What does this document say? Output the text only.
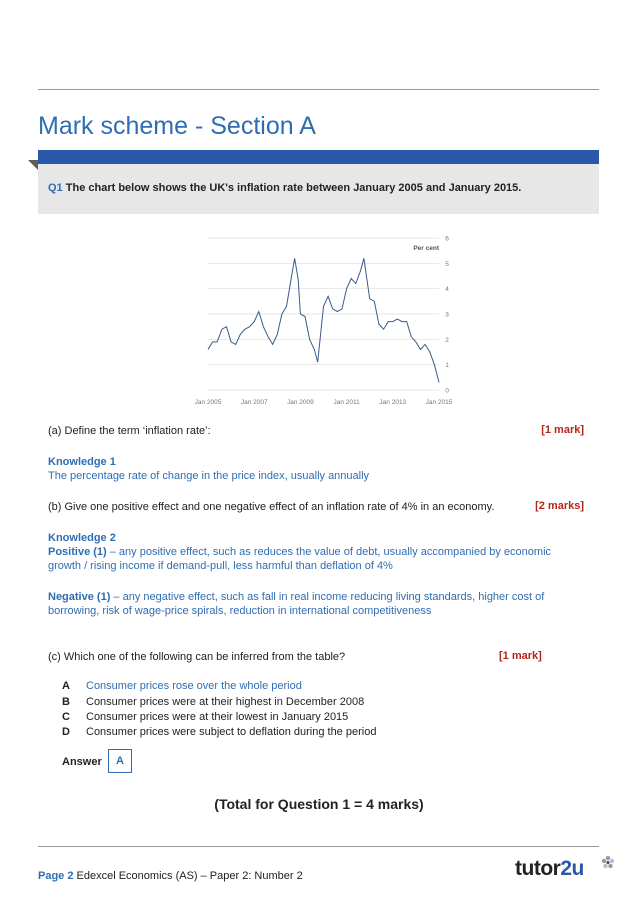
Mark scheme - Section A
Q1 The chart below shows the UK's inflation rate between January 2005 and January 2015.
0
1
2
3
4
5
6
Jan 2005	Jan 2007	Jan 2009	Jan 2011	Jan 2013	Jan 2015
Per cent
(a) Define the term ‘inflation rate’:	[1 mark]
Knowledge 1
The percentage rate of change in the price index, usually annually
(b) Give one positive effect and one negative effect of an inflation rate of 4% in an economy.	[2 marks]
Knowledge 2
Positive (1) – any positive effect, such as reduces the value of debt, usually accompanied by economic
growth / rising income if demand-pull, less harmful than deflation of 4%
Negative (1) – any negative effect, such as fall in real income reducing living standards, higher cost of
borrowing, risk of wage-price spirals, reduction in international competitiveness
(c) Which one of the following can be inferred from the table?	[1 mark]
A Consumer prices rose over the whole period
B Consumer prices were at their highest in December 2008
C Consumer prices were at their lowest in January 2015
D Consumer prices were subject to deflation during the period
Answer	A
(Total for Question 1 = 4 marks)
Page 2 Edexcel Economics (AS) – Paper 2: Number 2	tutor2u
